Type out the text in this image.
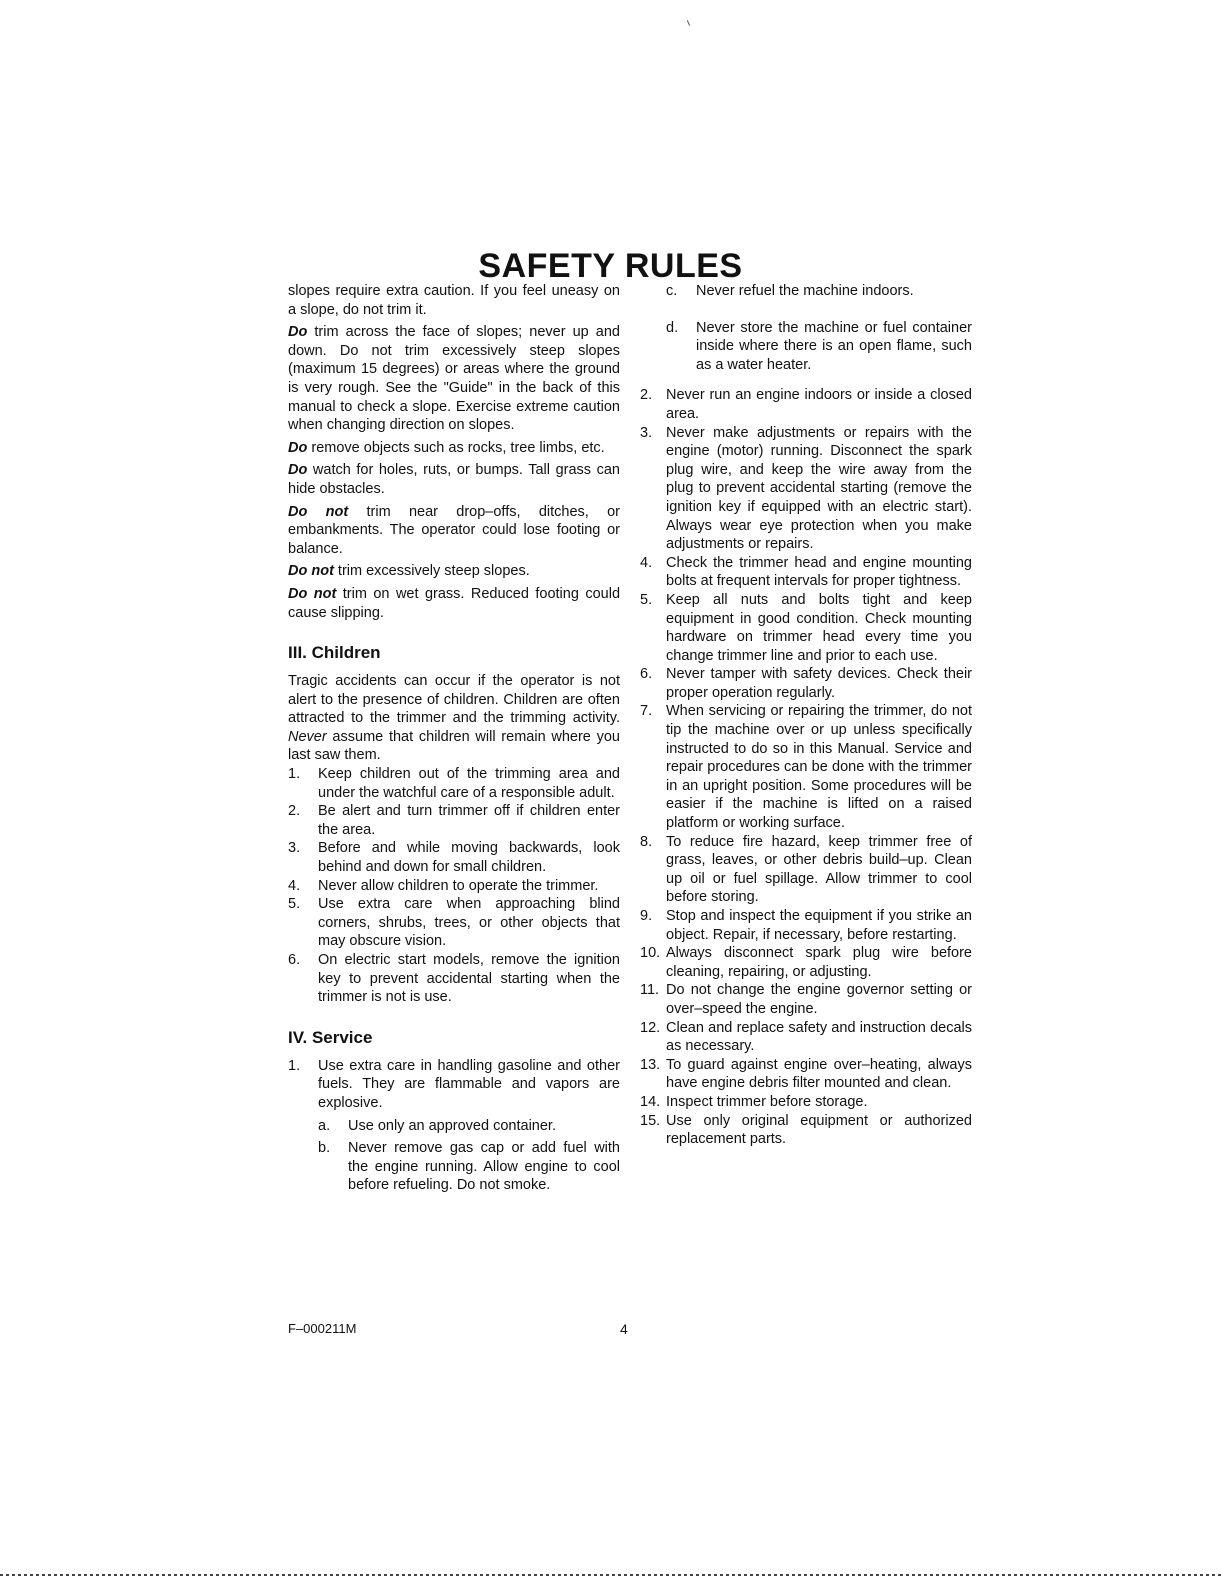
SAFETY RULES

slopes require extra caution. If you feel uneasy on a slope, do not trim it.

Do trim across the face of slopes; never up and down. Do not trim excessively steep slopes (maximum 15 degrees) or areas where the ground is very rough. See the "Guide" in the back of this manual to check a slope. Exercise extreme caution when changing direction on slopes.

Do remove objects such as rocks, tree limbs, etc.

Do watch for holes, ruts, or bumps. Tall grass can hide obstacles.

Do not trim near drop–offs, ditches, or embankments. The operator could lose footing or balance.

Do not trim excessively steep slopes.

Do not trim on wet grass. Reduced footing could cause slipping.

III. Children

Tragic accidents can occur if the operator is not alert to the presence of children. Children are often attracted to the trimmer and the trimming activity. Never assume that children will remain where you last saw them.

1.	Keep children out of the trimming area and under the watchful care of a responsible adult.
2.	Be alert and turn trimmer off if children enter the area.
3.	Before and while moving backwards, look behind and down for small children.
4.	Never allow children to operate the trimmer.
5.	Use extra care when approaching blind corners, shrubs, trees, or other objects that may obscure vision.
6.	On electric start models, remove the ignition key to prevent accidental starting when the trimmer is not is use.
IV. Service
1.	Use extra care in handling gasoline and other fuels. They are flammable and vapors are explosive.
a.	Use only an approved container.
b.	Never remove gas cap or add fuel with the engine running. Allow engine to cool before refueling. Do not smoke.
c.	Never refuel the machine indoors.
d.	Never store the machine or fuel container inside where there is an open flame, such as a water heater.
2. Never run an engine indoors or inside a closed area.
3. Never make adjustments or repairs with the engine (motor) running. Disconnect the spark plug wire, and keep the wire away from the plug to prevent accidental starting (remove the ignition key if equipped with an electric start). Always wear eye protection when you make adjustments or repairs.
4. Check the trimmer head and engine mounting bolts at frequent intervals for proper tightness.
5. Keep all nuts and bolts tight and keep equipment in good condition. Check mounting hardware on trimmer head every time you change trimmer line and prior to each use.
6. Never tamper with safety devices. Check their proper operation regularly.
7. When servicing or repairing the trimmer, do not tip the machine over or up unless specifically instructed to do so in this Manual. Service and repair procedures can be done with the trimmer in an upright position. Some procedures will be easier if the machine is lifted on a raised platform or working surface.
8. To reduce fire hazard, keep trimmer free of grass, leaves, or other debris build–up. Clean up oil or fuel spillage. Allow trimmer to cool before storing.
9. Stop and inspect the equipment if you strike an object. Repair, if necessary, before restarting.
10. Always disconnect spark plug wire before cleaning, repairing, or adjusting.
11. Do not change the engine governor setting or over–speed the engine.
12. Clean and replace safety and instruction decals as necessary.
13. To guard against engine over–heating, always have engine debris filter mounted and clean.
14. Inspect trimmer before storage.
15. Use only original equipment or authorized replacement parts.
F–000211M	4
